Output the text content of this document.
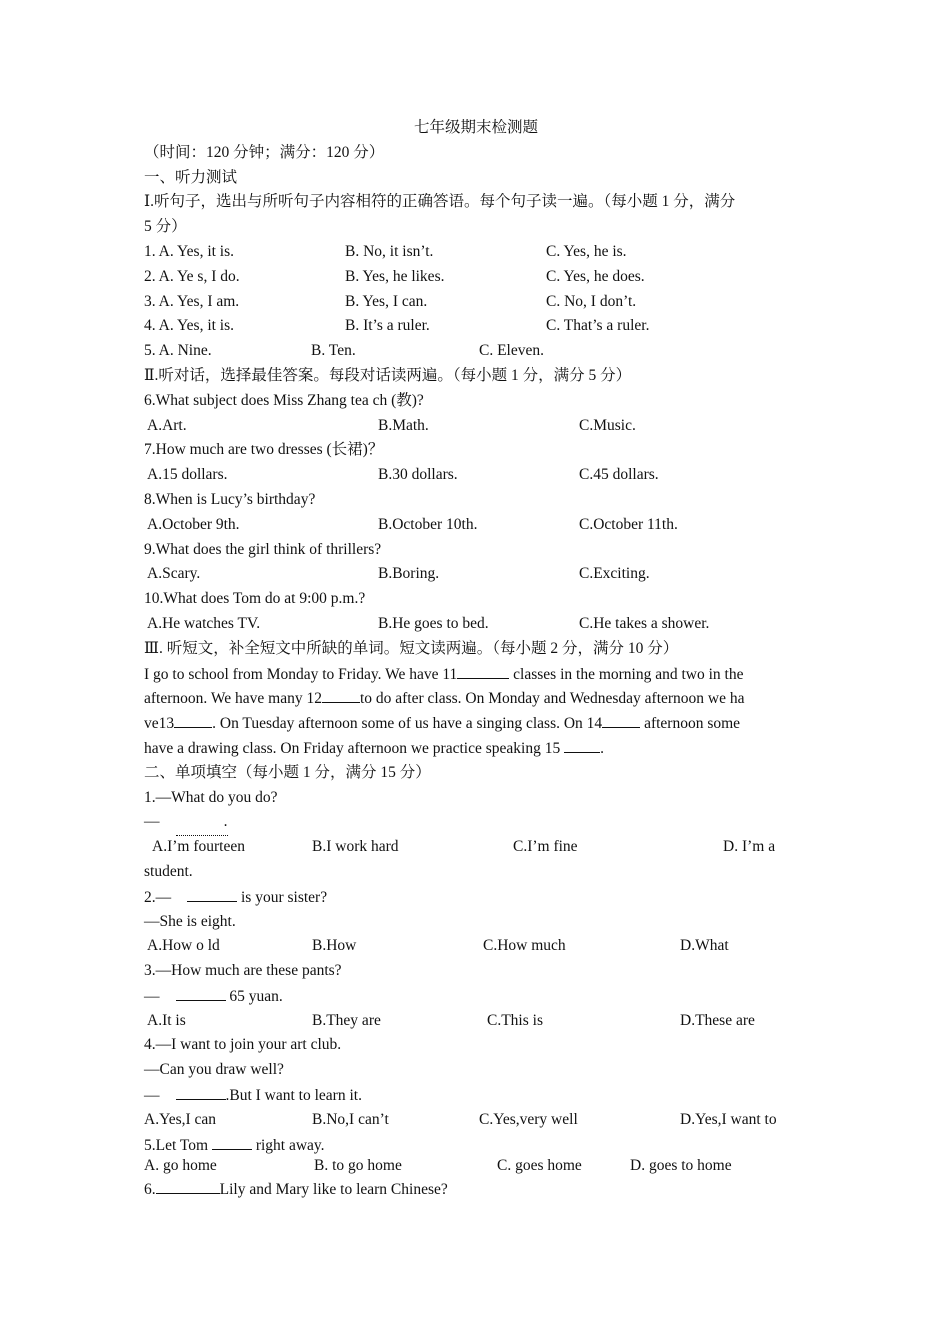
七年级期末检测题
（时间：120 分钟；满分：120 分）
一、听力测试
Ⅰ.听句子，选出与所听句子内容相符的正确答语。每个句子读一遍。（每小题 1 分，满分
5 分）
1. A. Yes, it is.	B. No, it isn’t.	C. Yes, he is.
2. A. Ye s, I do.	B. Yes, he likes.	C. Yes, he does.
3. A. Yes, I am.	B. Yes, I can.	C. No, I don’t.
4. A. Yes, it is.	B. It’s a ruler.	C. That’s a ruler.
5. A. Nine.	B. Ten.	C. Eleven.
Ⅱ.听对话，选择最佳答案。每段对话读两遍。（每小题 1 分，满分 5 分）
6.What subject does Miss Zhang tea ch (教)?
A.Art.	B.Math.	C.Music.
7.How much are two dresses (长裙)？
A.15 dollars.	B.30 dollars.	C.45 dollars.
8.When is Lucy’s birthday?
A.October 9th.	B.October 10th.	C.October 11th.
9.What does the girl think of thrillers?
A.Scary.	B.Boring.	C.Exciting.
10.What does Tom do at 9:00 p.m.?
A.He watches TV.	B.He goes to bed.	C.He takes a shower.
Ⅲ. 听短文，补全短文中所缺的单词。短文读两遍。（每小题 2 分，满分 10 分）
I go to school from Monday to Friday. We have 11	classes in the morning and two in the
afternoon. We have many 12 to do after class. On Monday and Wednesday afternoon we ha
ve13 . On Tuesday afternoon some of us have a singing class. On 14 afternoon some
have a drawing class. On Friday afternoon we practice speaking 15 .
二、单项填空（每小题 1 分，满分 15 分）
1.—What do you do?
—	.
A.I’m fourteen	B.I work hard	C.I’m fine	D. I’m a
student.
2.—	is your sister?
—She is eight.
A.How o ld	B.How	C.How much	D.What
3.—How much are these pants?
—	65 yuan.
A.It is	B.They are	C.This is	D.These are
4.—I want to join your art club.
—Can you draw well?
—	.But I want to learn it.
A.Yes,I can	B.No,I can’t	C.Yes,very well	D.Yes,I want to
5.Let Tom	right away.
A. go home	B. to go home	C. goes home	D. goes to home
6.	Lily and Mary like to learn Chinese?
